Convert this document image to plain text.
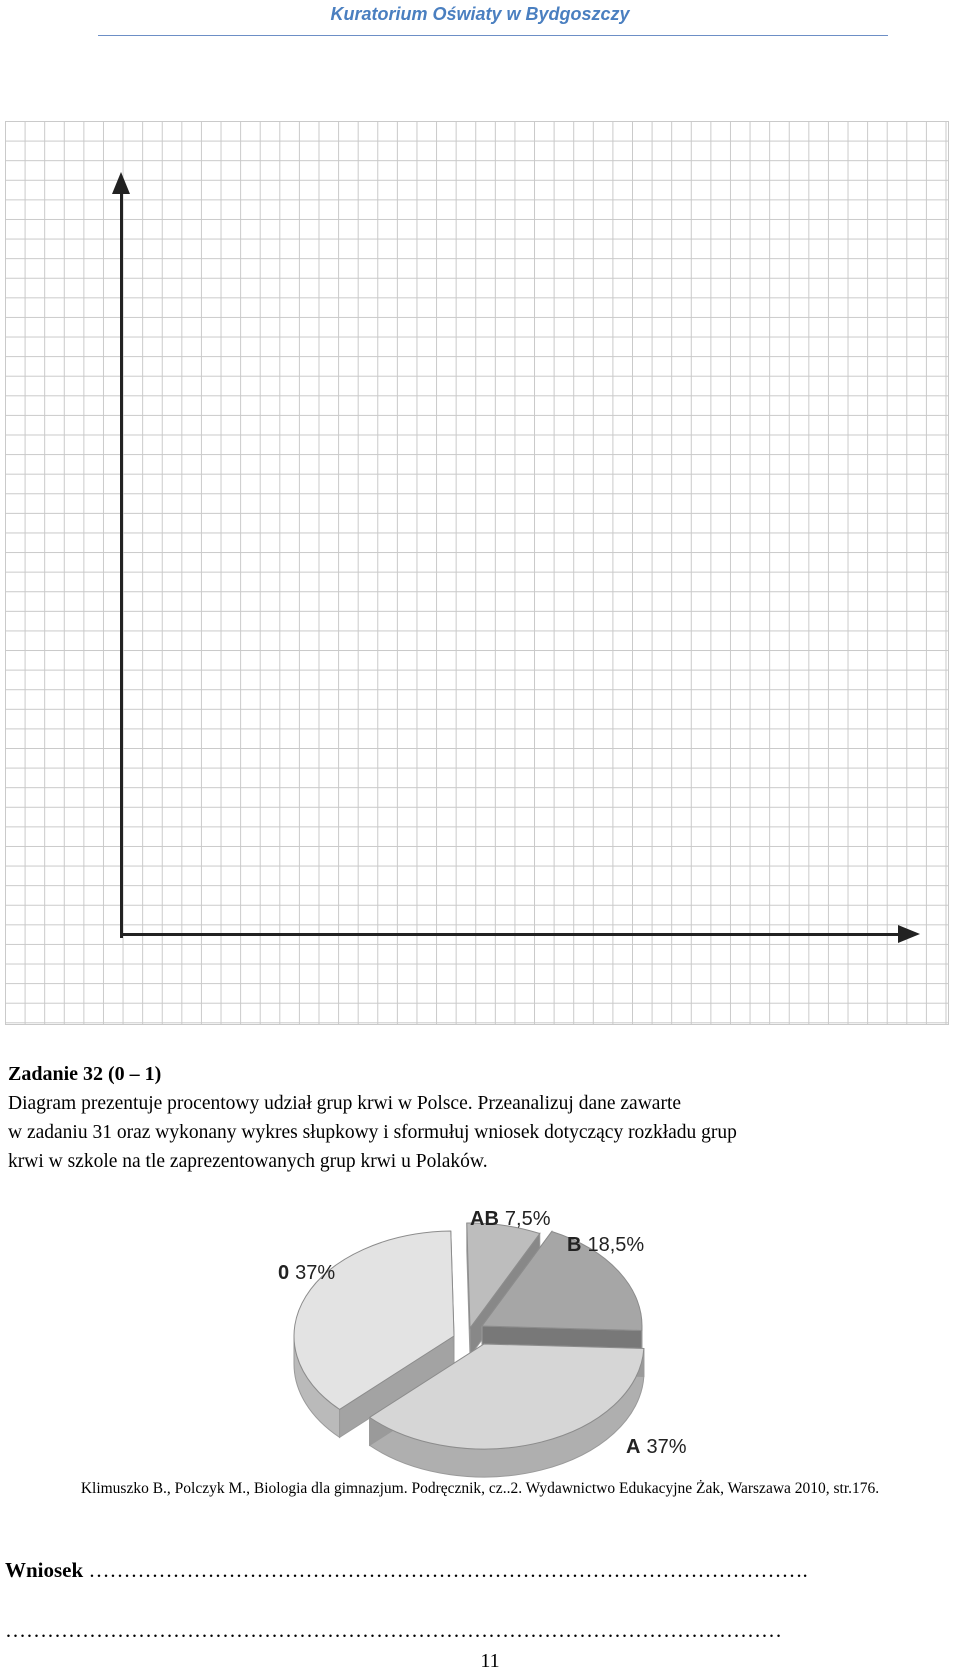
Kuratorium Oświaty w Bydgoszczy
Zadanie 32 (0 – 1)
Diagram prezentuje procentowy udział grup krwi w Polsce. Przeanalizuj dane zawarte
w zadaniu 31 oraz wykonany wykres słupkowy i sformułuj wniosek dotyczący rozkładu grup
krwi w szkole na tle zaprezentowanych grup krwi u Polaków.
AB 7,5%
B 18,5%
0 37%
A 37%
Klimuszko B., Polczyk M., Biologia dla gimnazjum. Podręcznik, cz..2. Wydawnictwo Edukacyjne Żak, Warszawa 2010, str.176.
Wniosek ………………………………………………………………………………………….
…………………………………………………………………………………………………
11
